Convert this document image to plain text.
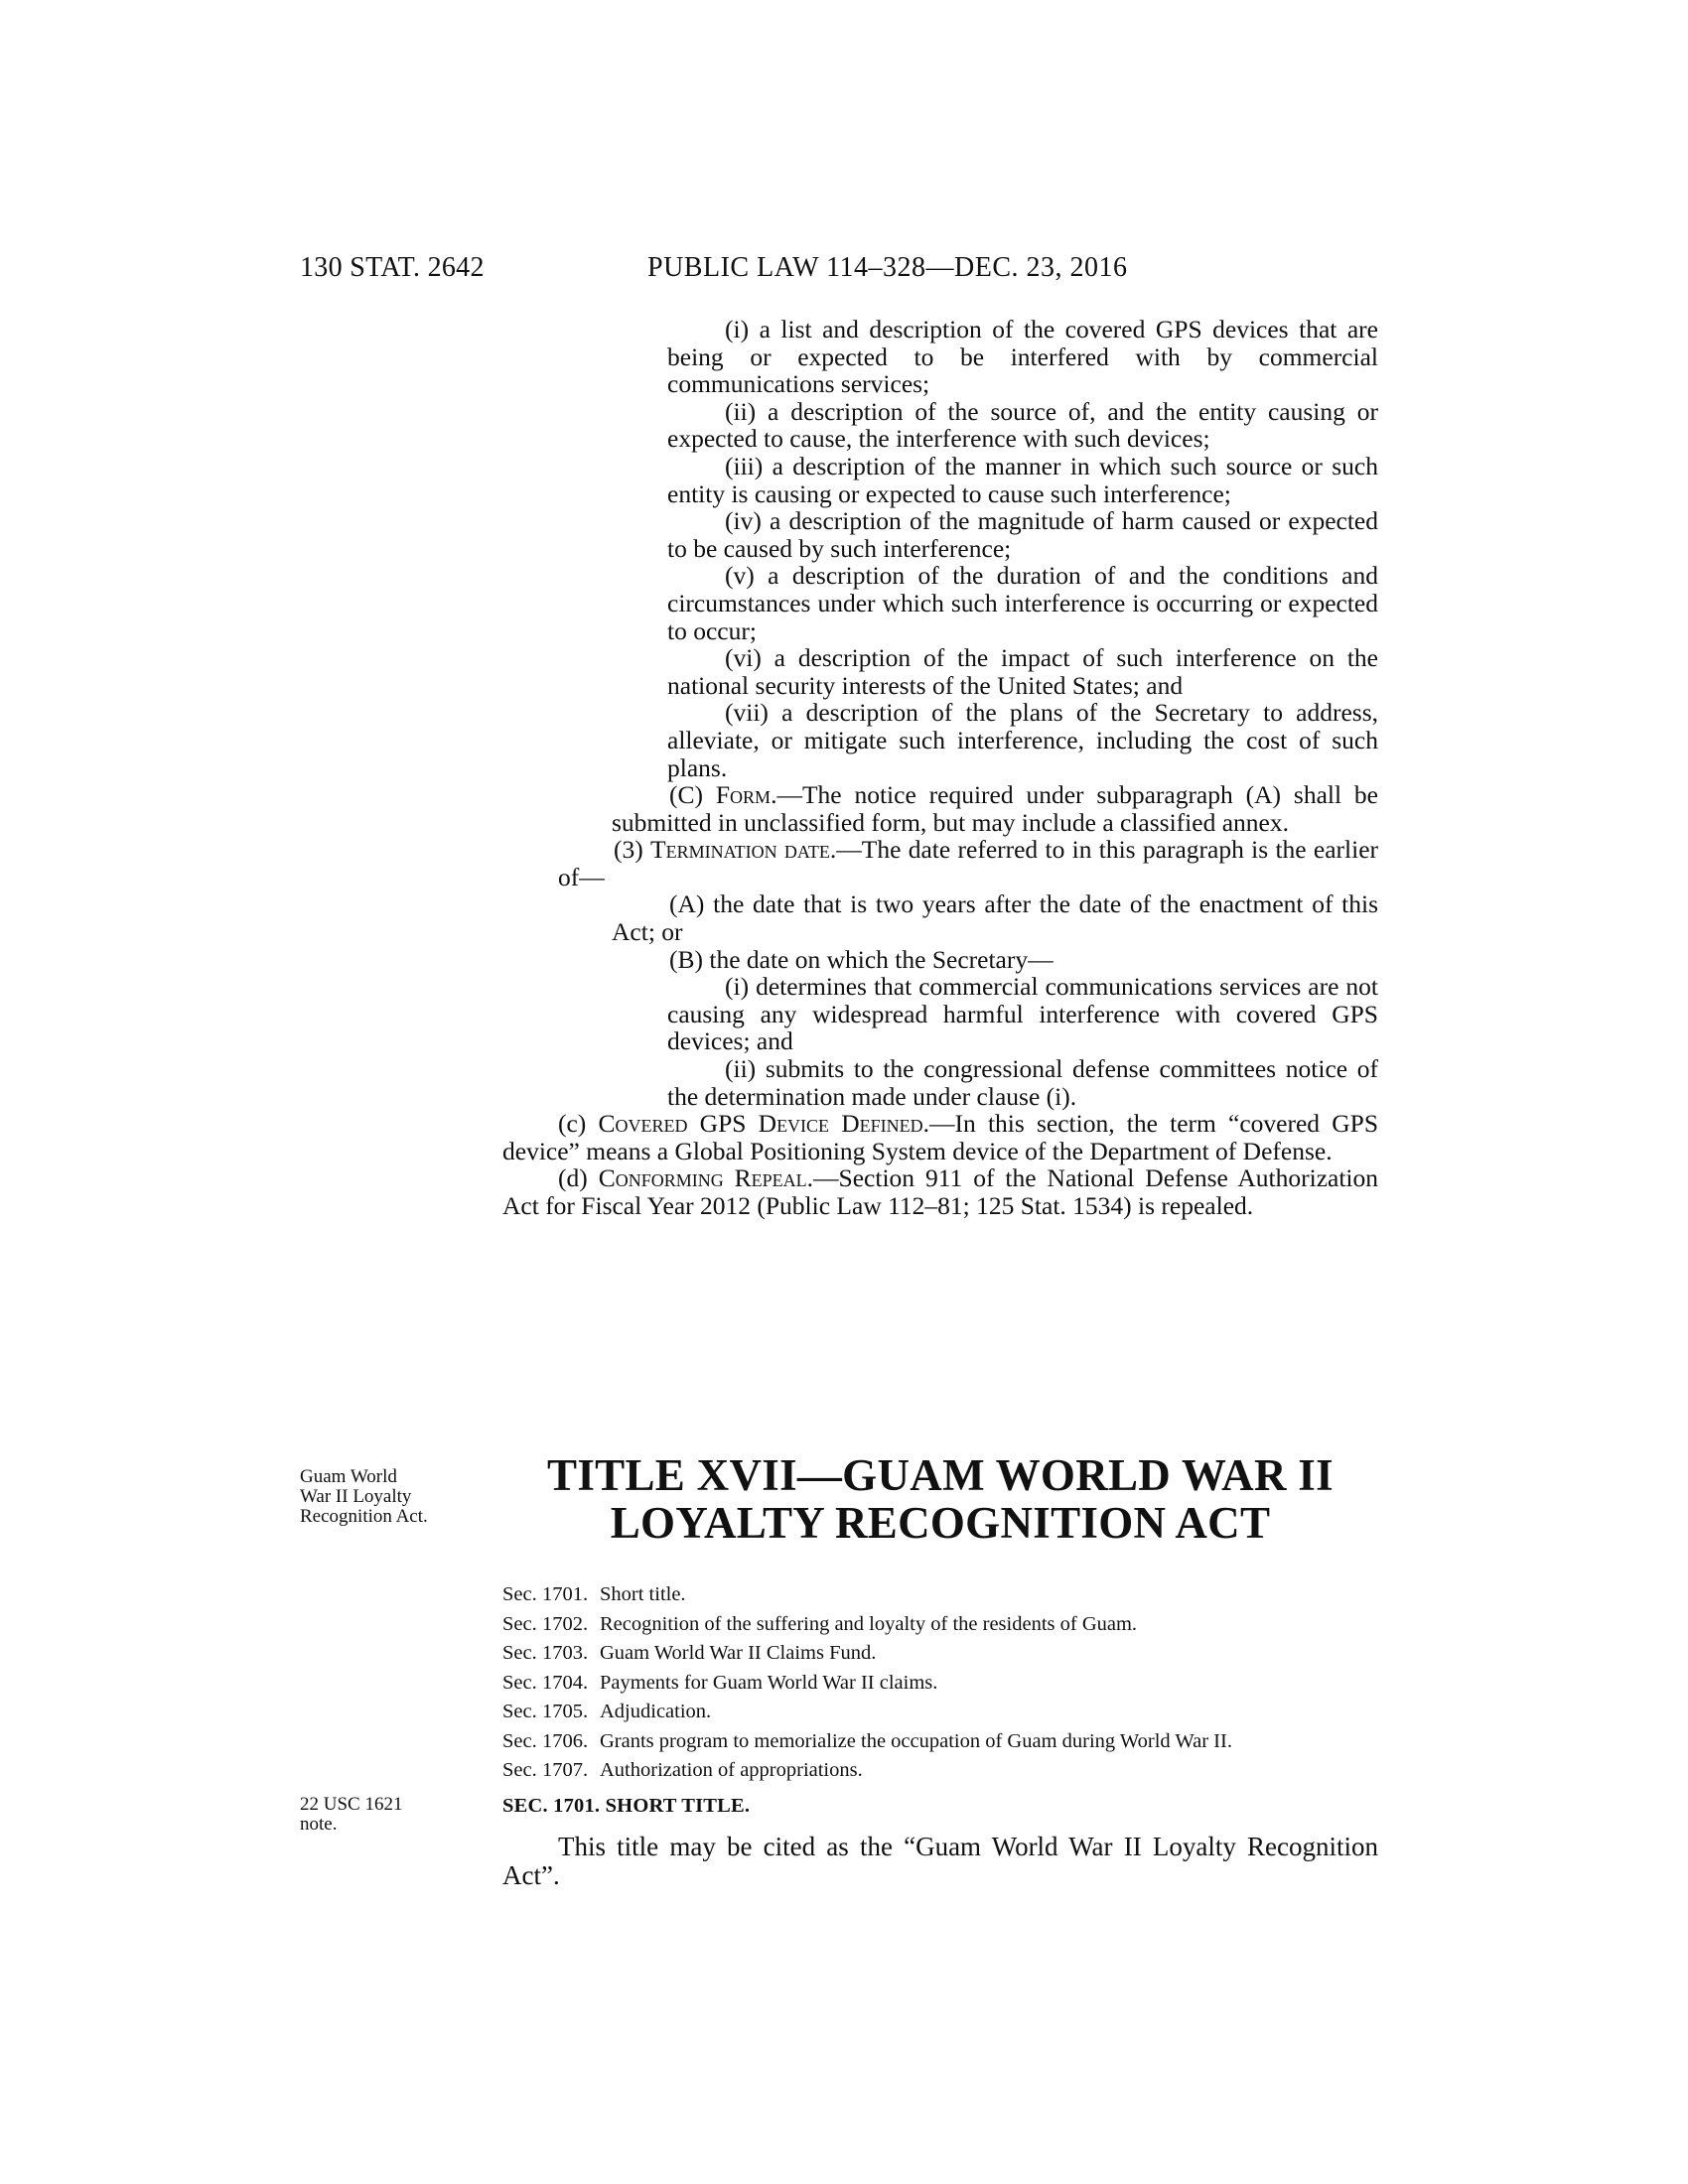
130 STAT. 2642	PUBLIC LAW 114–328—DEC. 23, 2016

(i) a list and description of the covered GPS devices that are being or expected to be interfered with by commercial communications services;

(ii) a description of the source of, and the entity causing or expected to cause, the interference with such devices;

(iii) a description of the manner in which such source or such entity is causing or expected to cause such interference;

(iv) a description of the magnitude of harm caused or expected to be caused by such interference;

(v) a description of the duration of and the conditions and circumstances under which such interference is occurring or expected to occur;

(vi) a description of the impact of such interference on the national security interests of the United States; and

(vii) a description of the plans of the Secretary to address, alleviate, or mitigate such interference, including the cost of such plans.

(C) Form.—The notice required under subparagraph (A) shall be submitted in unclassified form, but may include a classified annex.

(3) Termination date.—The date referred to in this paragraph is the earlier of—

(A) the date that is two years after the date of the enactment of this Act; or

(B) the date on which the Secretary—

(i) determines that commercial communications services are not causing any widespread harmful interference with covered GPS devices; and

(ii) submits to the congressional defense committees notice of the determination made under clause (i).

(c) Covered GPS Device Defined.—In this section, the term “covered GPS device” means a Global Positioning System device of the Department of Defense.

(d) Conforming Repeal.—Section 911 of the National Defense Authorization Act for Fiscal Year 2012 (Public Law 112–81; 125 Stat. 1534) is repealed.

Guam World
War II Loyalty
Recognition Act.
TITLE XVII—GUAM WORLD WAR II
LOYALTY RECOGNITION ACT
Sec. 1701. Short title.
Sec. 1702. Recognition of the suffering and loyalty of the residents of Guam.
Sec. 1703. Guam World War II Claims Fund.
Sec. 1704. Payments for Guam World War II claims.
Sec. 1705. Adjudication.
Sec. 1706. Grants program to memorialize the occupation of Guam during World War II.
Sec. 1707. Authorization of appropriations.
22 USC 1621
note.
SEC. 1701. SHORT TITLE.

This title may be cited as the “Guam World War II Loyalty Recognition Act”.
